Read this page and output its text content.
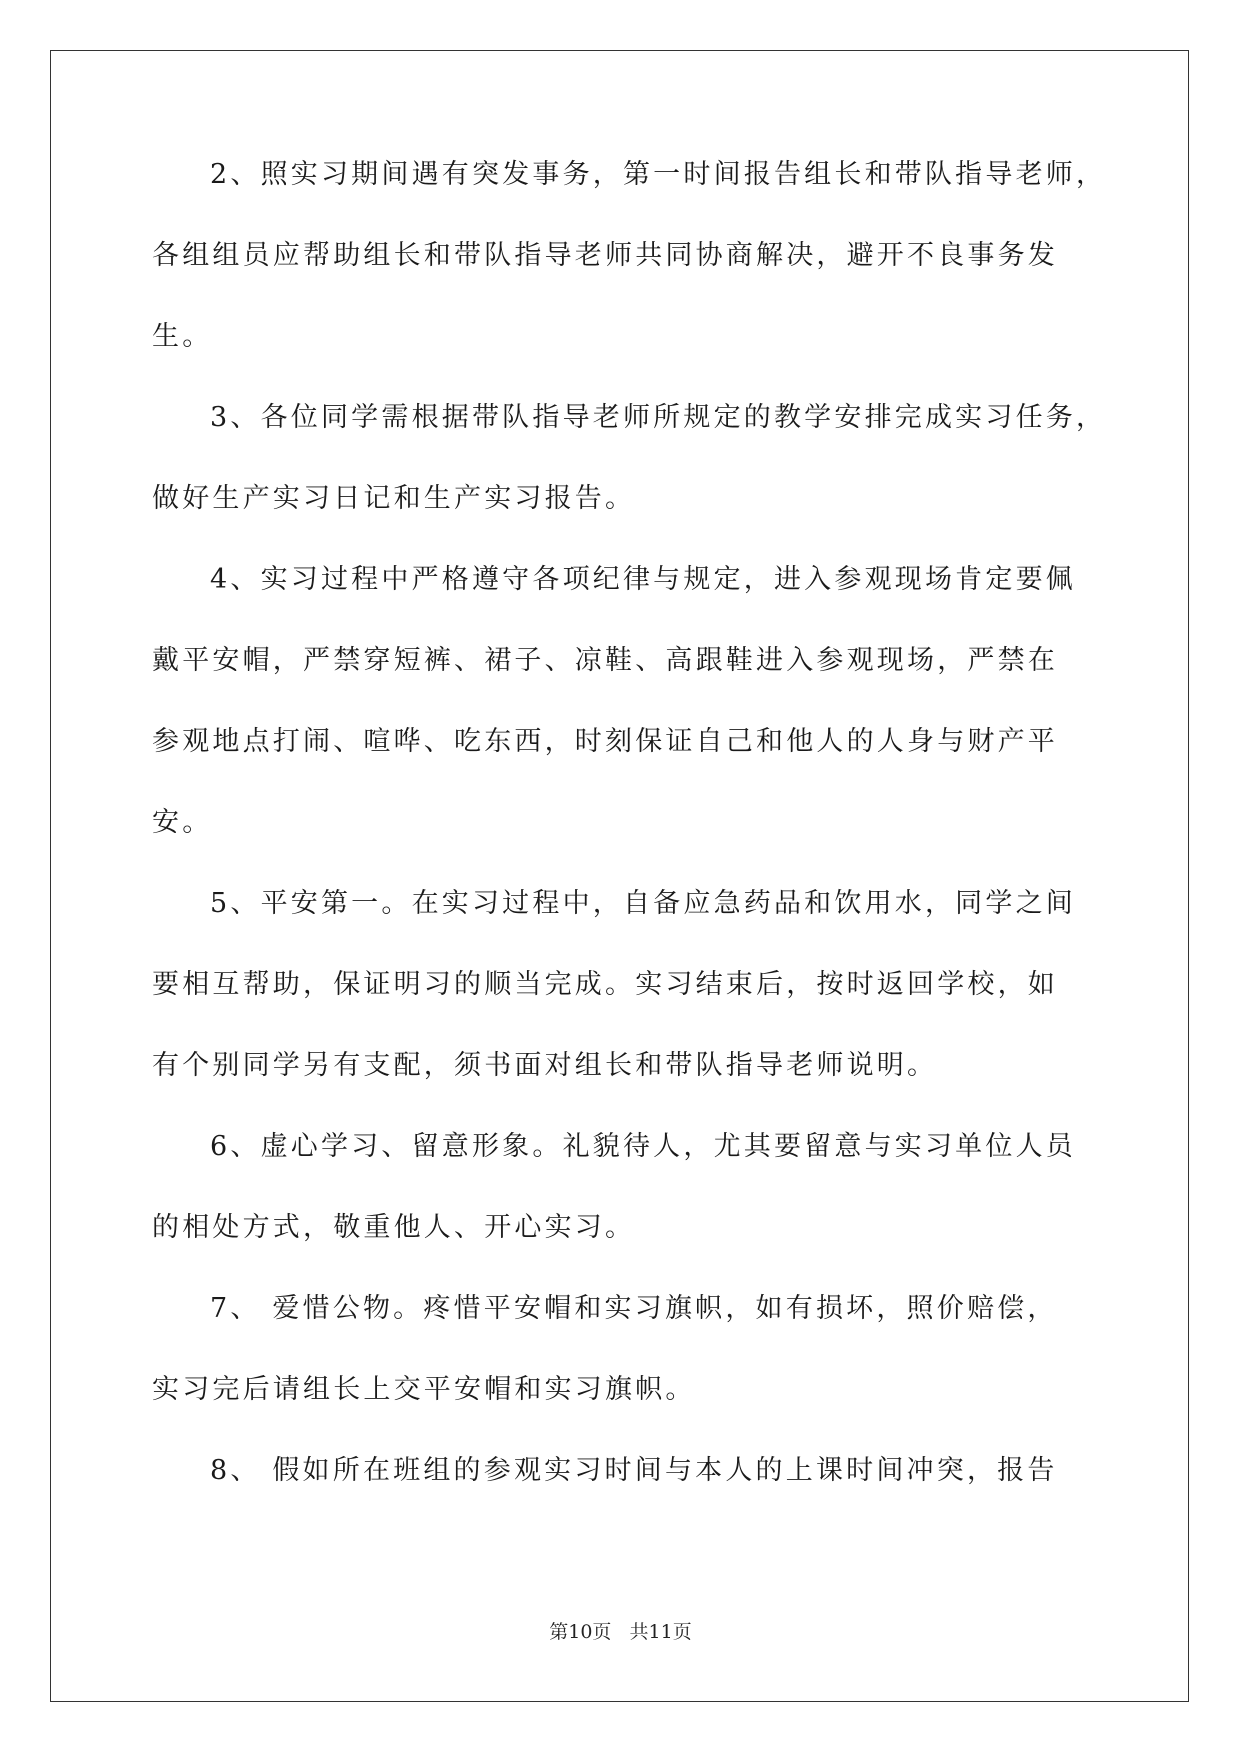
2、照实习期间遇有突发事务，第一时间报告组长和带队指导老师，
各组组员应帮助组长和带队指导老师共同协商解决，避开不良事务发
生。
3、各位同学需根据带队指导老师所规定的教学安排完成实习任务，
做好生产实习日记和生产实习报告。
4、实习过程中严格遵守各项纪律与规定，进入参观现场肯定要佩
戴平安帽，严禁穿短裤、裙子、凉鞋、高跟鞋进入参观现场，严禁在
参观地点打闹、喧哗、吃东西，时刻保证自己和他人的人身与财产平
安。
5、平安第一。在实习过程中，自备应急药品和饮用水，同学之间
要相互帮助，保证明习的顺当完成。实习结束后，按时返回学校，如
有个别同学另有支配，须书面对组长和带队指导老师说明。
6、虚心学习、留意形象。礼貌待人，尤其要留意与实习单位人员
的相处方式，敬重他人、开心实习。
7、 爱惜公物。疼惜平安帽和实习旗帜，如有损坏，照价赔偿，
实习完后请组长上交平安帽和实习旗帜。
8、 假如所在班组的参观实习时间与本人的上课时间冲突，报告
第10页   共11页
